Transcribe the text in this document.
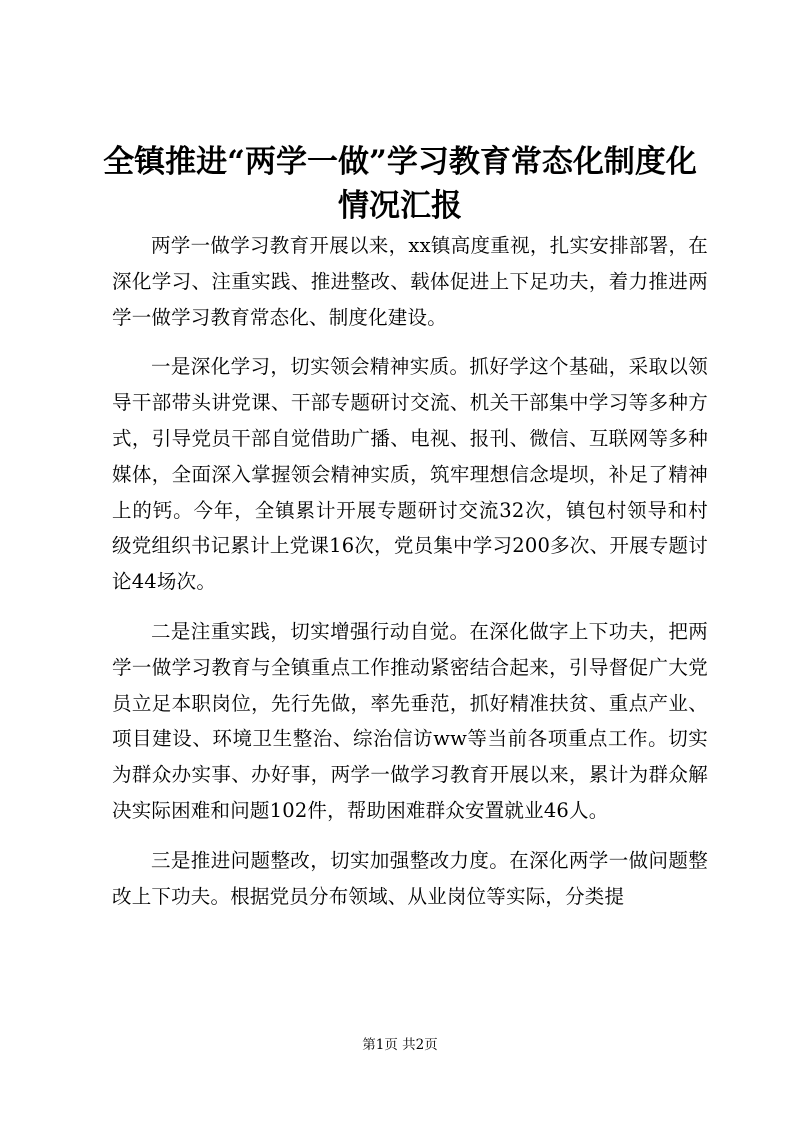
全镇推进“两学一做”学习教育常态化制度化
情况汇报

两学一做学习教育开展以来，xx镇高度重视，扎实安排部署，在深化学习、注重实践、推进整改、载体促进上下足功夫，着力推进两学一做学习教育常态化、制度化建设。

一是深化学习，切实领会精神实质。抓好学这个基础，采取以领导干部带头讲党课、干部专题研讨交流、机关干部集中学习等多种方式，引导党员干部自觉借助广播、电视、报刊、微信、互联网等多种媒体，全面深入掌握领会精神实质，筑牢理想信念堤坝，补足了精神上的钙。今年，全镇累计开展专题研讨交流32次，镇包村领导和村级党组织书记累计上党课16次，党员集中学习200多次、开展专题讨论44场次。

二是注重实践，切实增强行动自觉。在深化做字上下功夫，把两学一做学习教育与全镇重点工作推动紧密结合起来，引导督促广大党员立足本职岗位，先行先做，率先垂范，抓好精准扶贫、重点产业、项目建设、环境卫生整治、综治信访ww等当前各项重点工作。切实为群众办实事、办好事，两学一做学习教育开展以来，累计为群众解决实际困难和问题102件，帮助困难群众安置就业46人。

三是推进问题整改，切实加强整改力度。在深化两学一做问题整改上下功夫。根据党员分布领域、从业岗位等实际，分类提

第1页 共2页
